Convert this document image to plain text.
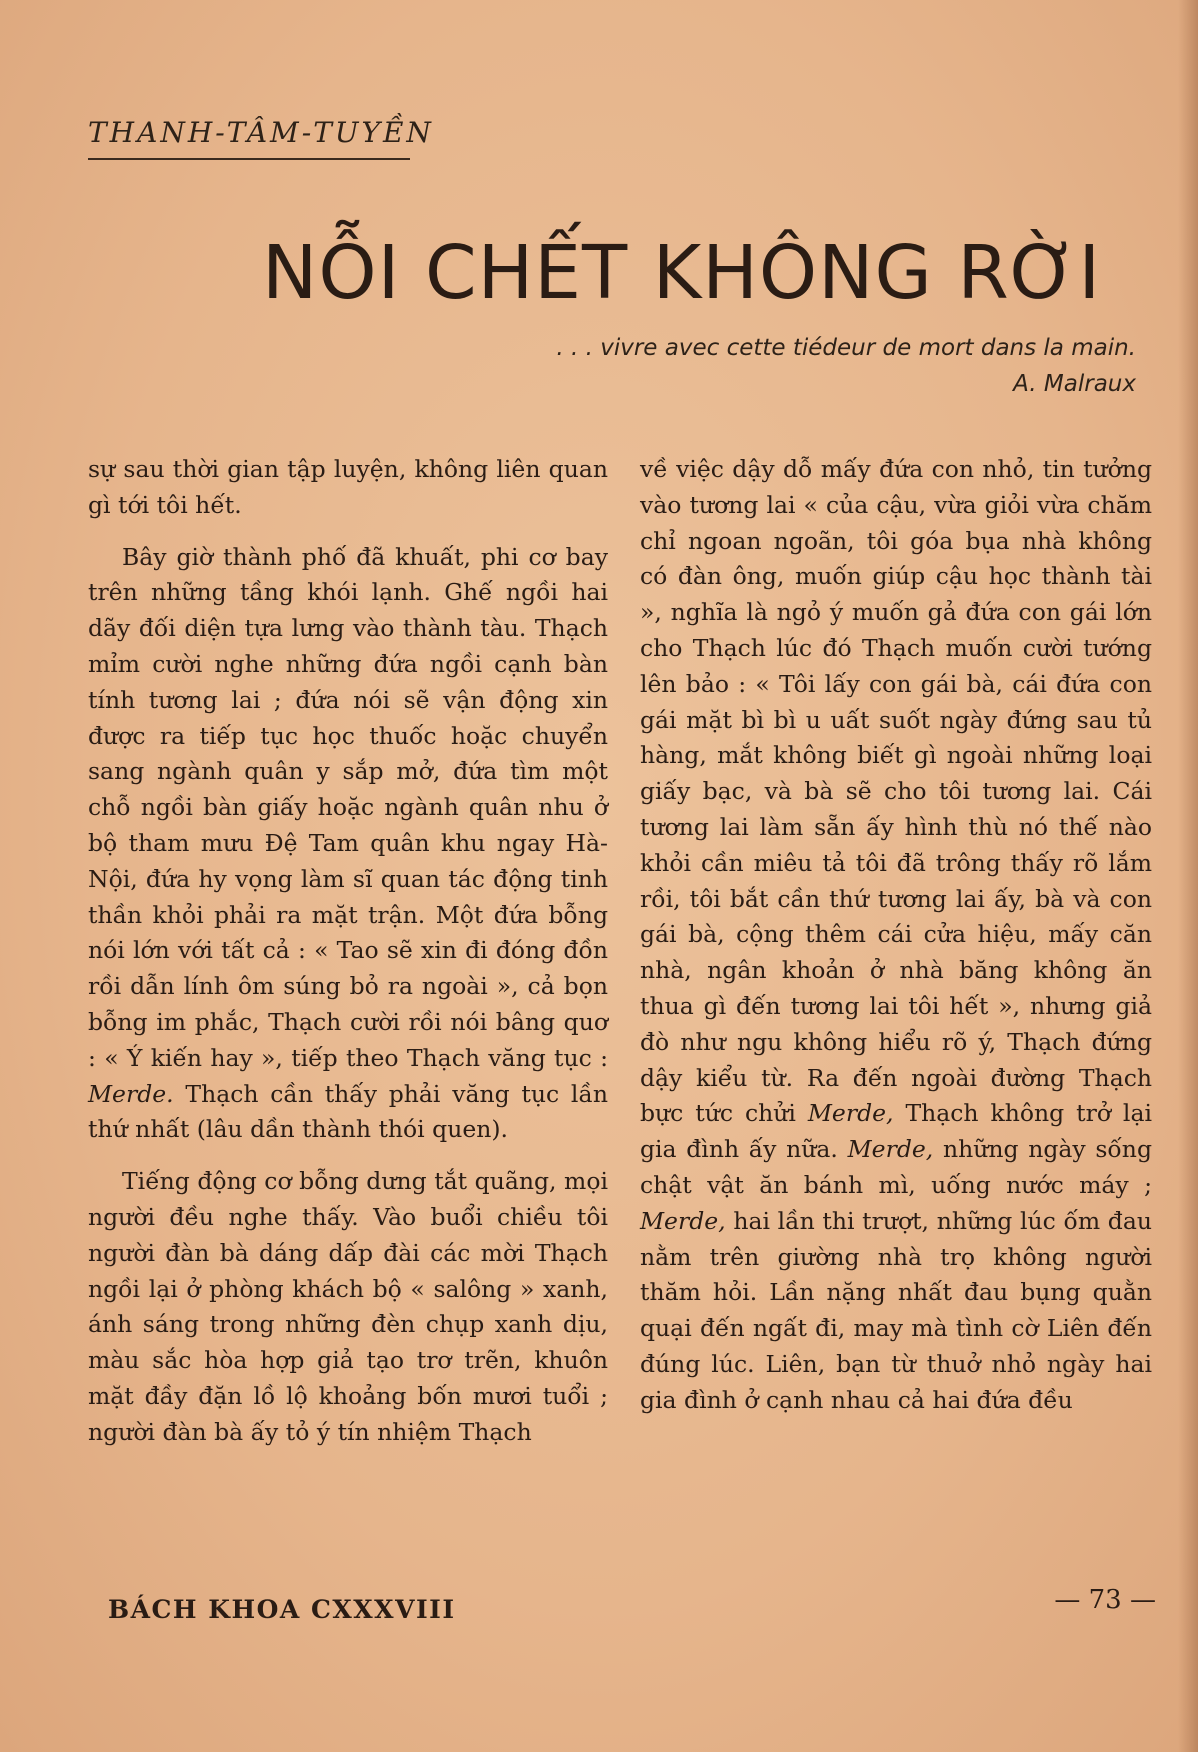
THANH-TÂM-TUYỀN
NỖI CHẾT KHÔNG RỜI
. . . vivre avec cette tiédeur de mort dans la main.
A. Malraux

sự sau thời gian tập luyện, không liên quan gì tới tôi hết.

Bây giờ thành phố đã khuất, phi cơ bay trên những tầng khói lạnh. Ghế ngồi hai dãy đối diện tựa lưng vào thành tàu. Thạch mỉm cười nghe những đứa ngồi cạnh bàn tính tương lai ; đứa nói sẽ vận động xin được ra tiếp tục học thuốc hoặc chuyển sang ngành quân y sắp mở, đứa tìm một chỗ ngồi bàn giấy hoặc ngành quân nhu ở bộ tham mưu Đệ Tam quân khu ngay Hà-Nội, đứa hy vọng làm sĩ quan tác động tinh thần khỏi phải ra mặt trận. Một đứa bỗng nói lớn với tất cả : « Tao sẽ xin đi đóng đồn rồi dẫn lính ôm súng bỏ ra ngoài », cả bọn bỗng im phắc, Thạch cười rồi nói bâng quơ : « Ý kiến hay », tiếp theo Thạch văng tục : Merde. Thạch cần thấy phải văng tục lần thứ nhất (lâu dần thành thói quen).

Tiếng động cơ bỗng dưng tắt quãng, mọi người đều nghe thấy. Vào buổi chiều tôi người đàn bà dáng dấp đài các mời Thạch ngồi lại ở phòng khách bộ « salông » xanh, ánh sáng trong những đèn chụp xanh dịu, màu sắc hòa hợp giả tạo trơ trẽn, khuôn mặt đầy đặn lồ lộ khoảng bốn mươi tuổi ; người đàn bà ấy tỏ ý tín nhiệm Thạch

về việc dậy dỗ mấy đứa con nhỏ, tin tưởng vào tương lai « của cậu, vừa giỏi vừa chăm chỉ ngoan ngoãn, tôi góa bụa nhà không có đàn ông, muốn giúp cậu học thành tài », nghĩa là ngỏ ý muốn gả đứa con gái lớn cho Thạch lúc đó Thạch muốn cười tướng lên bảo : « Tôi lấy con gái bà, cái đứa con gái mặt bì bì u uất suốt ngày đứng sau tủ hàng, mắt không biết gì ngoài những loại giấy bạc, và bà sẽ cho tôi tương lai. Cái tương lai làm sẵn ấy hình thù nó thế nào khỏi cần miêu tả tôi đã trông thấy rõ lắm rồi, tôi bắt cần thứ tương lai ấy, bà và con gái bà, cộng thêm cái cửa hiệu, mấy căn nhà, ngân khoản ở nhà băng không ăn thua gì đến tương lai tôi hết », nhưng giả đò như ngu không hiểu rõ ý, Thạch đứng dậy kiểu từ. Ra đến ngoài đường Thạch bực tức chửi Merde, Thạch không trở lại gia đình ấy nữa. Merde, những ngày sống chật vật ăn bánh mì, uống nước máy ; Merde, hai lần thi trượt, những lúc ốm đau nằm trên giường nhà trọ không người thăm hỏi. Lần nặng nhất đau bụng quằn quại đến ngất đi, may mà tình cờ Liên đến đúng lúc. Liên, bạn từ thuở nhỏ ngày hai gia đình ở cạnh nhau cả hai đứa đều

BÁCH KHOA CXXXVIII	— 73 —
